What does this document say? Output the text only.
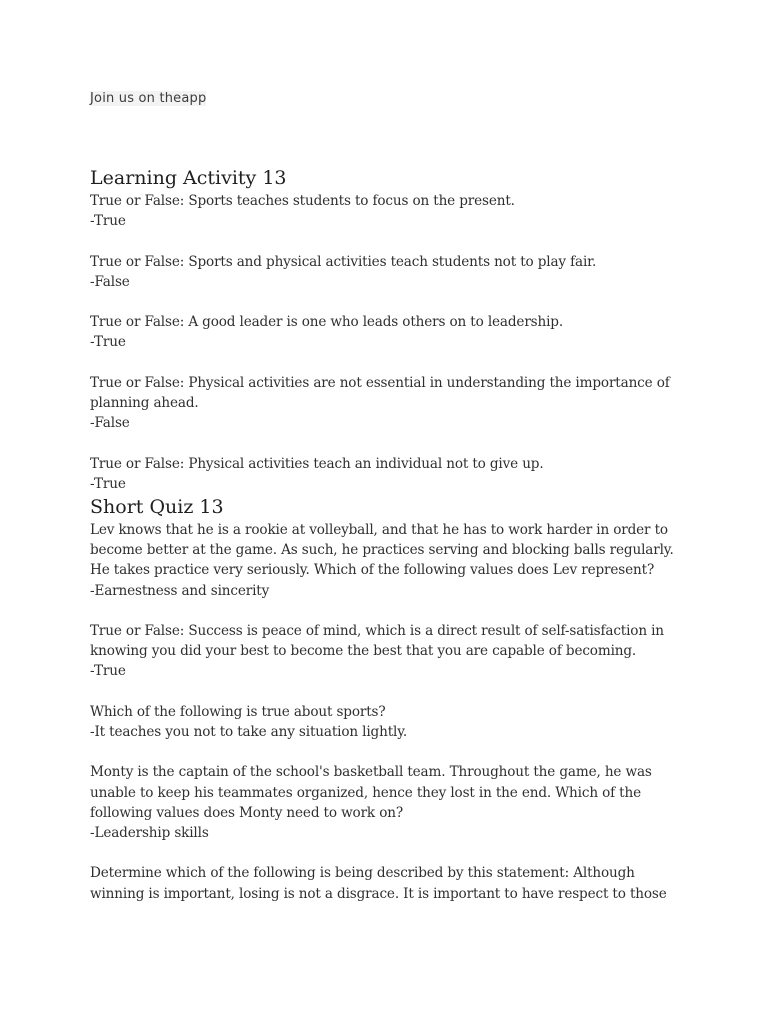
Join us on theapp
Learning Activity 13

True or False: Sports teaches students to focus on the present.

-True

True or False: Sports and physical activities teach students not to play fair.

-False

True or False: A good leader is one who leads others on to leadership.

-True

True or False: Physical activities are not essential in understanding the importance of

planning ahead.

-False

True or False: Physical activities teach an individual not to give up.

-True

Short Quiz 13

Lev knows that he is a rookie at volleyball, and that he has to work harder in order to

become better at the game. As such, he practices serving and blocking balls regularly.

He takes practice very seriously. Which of the following values does Lev represent?

-Earnestness and sincerity

True or False: Success is peace of mind, which is a direct result of self-satisfaction in

knowing you did your best to become the best that you are capable of becoming.

-True

Which of the following is true about sports?

-It teaches you not to take any situation lightly.

Monty is the captain of the school's basketball team. Throughout the game, he was

unable to keep his teammates organized, hence they lost in the end. Which of the

following values does Monty need to work on?

-Leadership skills

Determine which of the following is being described by this statement: Although

winning is important, losing is not a disgrace. It is important to have respect to those
